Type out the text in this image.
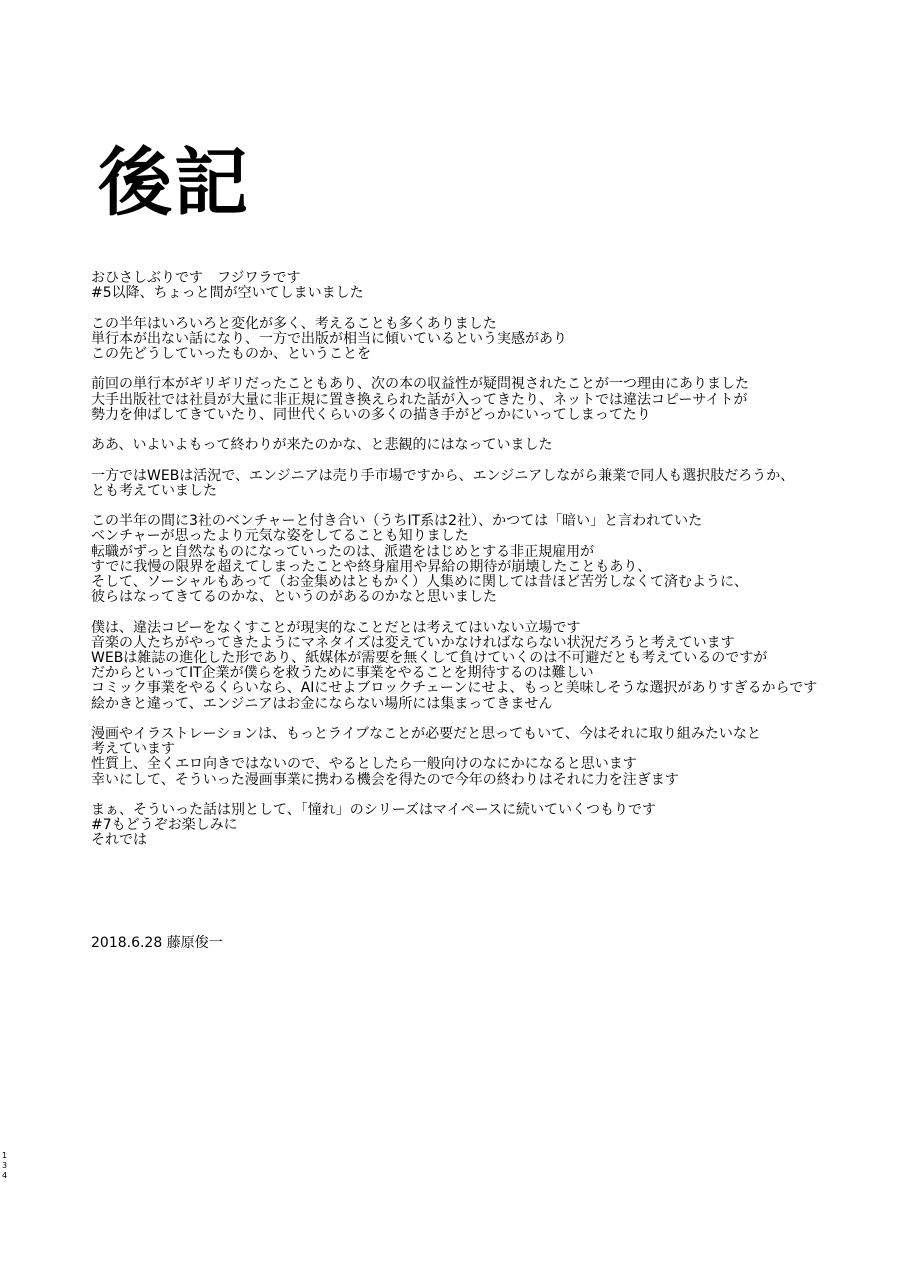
後記
おひさしぶりです　フジワラです
#5以降、ちょっと間が空いてしまいました
この半年はいろいろと変化が多く、考えることも多くありました
単行本が出ない話になり、一方で出版が相当に傾いているという実感があり
この先どうしていったものか、ということを
前回の単行本がギリギリだったこともあり、次の本の収益性が疑問視されたことが一つ理由にありました
大手出版社では社員が大量に非正規に置き換えられた話が入ってきたり、ネットでは違法コピーサイトが
勢力を伸ばしてきていたり、同世代くらいの多くの描き手がどっかにいってしまってたり
ああ、いよいよもって終わりが来たのかな、と悲観的にはなっていました
一方ではWEBは活況で、エンジニアは売り手市場ですから、エンジニアしながら兼業で同人も選択肢だろうか、
とも考えていました
この半年の間に3社のベンチャーと付き合い（うちIT系は2社）、かつては「暗い」と言われていた
ベンチャーが思ったより元気な姿をしてることも知りました
転職がずっと自然なものになっていったのは、派遣をはじめとする非正規雇用が
すでに我慢の限界を超えてしまったことや終身雇用や昇給の期待が崩壊したこともあり、
そして、ソーシャルもあって（お金集めはともかく）人集めに関しては昔ほど苦労しなくて済むように、
彼らはなってきてるのかな、というのがあるのかなと思いました
僕は、違法コピーをなくすことが現実的なことだとは考えてはいない立場です
音楽の人たちがやってきたようにマネタイズは変えていかなければならない状況だろうと考えています
WEBは雑誌の進化した形であり、紙媒体が需要を無くして負けていくのは不可避だとも考えているのですが
だからといってIT企業が僕らを救うために事業をやることを期待するのは難しい
コミック事業をやるくらいなら、AIにせよブロックチェーンにせよ、もっと美味しそうな選択がありすぎるからです
絵かきと違って、エンジニアはお金にならない場所には集まってきません
漫画やイラストレーションは、もっとライブなことが必要だと思ってもいて、今はそれに取り組みたいなと
考えています
性質上、全くエロ向きではないので、やるとしたら一般向けのなにかになると思います
幸いにして、そういった漫画事業に携わる機会を得たので今年の終わりはそれに力を注ぎます
まぁ、そういった話は別として、「憧れ」のシリーズはマイペースに続いていくつもりです
#7もどうぞお楽しみに
それでは
2018.6.28 藤原俊一
1
3
4
